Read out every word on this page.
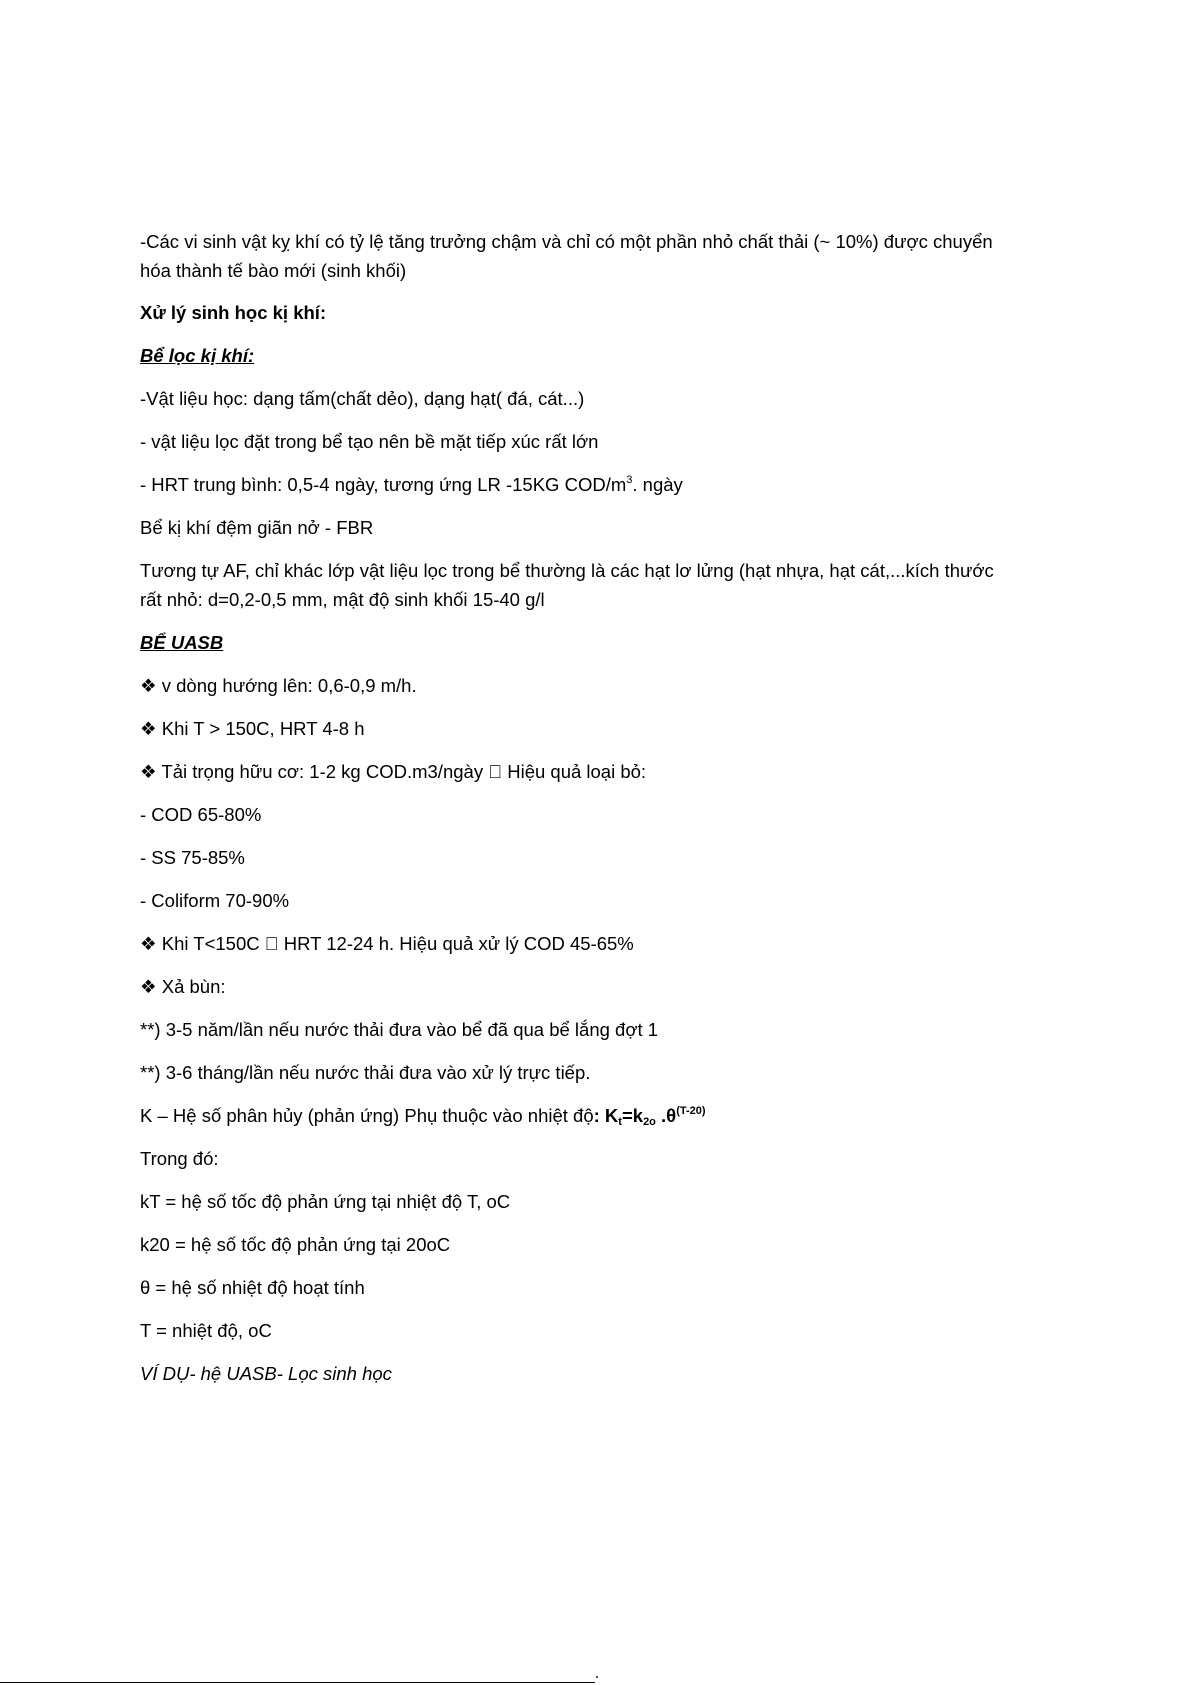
-Các vi sinh vật kỵ khí có tỷ lệ tăng trưởng chậm và chỉ có một phần nhỏ chất thải (~ 10%) được chuyển
hóa thành tế bào mới (sinh khối)
Xử lý sinh học kị khí:
Bể lọc kị khí:
-Vật liệu học: dạng tấm(chất dẻo), dạng hạt( đá, cát...)
- vật liệu lọc đặt trong bể tạo nên bề mặt tiếp xúc rất lớn
- HRT trung bình: 0,5-4 ngày, tương ứng LR -15KG COD/$m^3$. ngày
Bể kị khí đệm giãn nở - FBR
Tương tự AF, chỉ khác lớp vật liệu lọc trong bể thường là các hạt lơ lửng (hạt nhựa, hạt cát,...kích thước
rất nhỏ: d=0,2-0,5 mm, mật độ sinh khối 15-40 g/l
BỂ UASB
❖ v dòng hướng lên: 0,6-0,9 m/h.
❖ Khi T > 150C, HRT 4-8 h
❖ Tải trọng hữu cơ: 1-2 kg COD.m3/ngày   Hiệu quả loại bỏ:
- COD 65-80%
- SS 75-85%
- Coliform 70-90%
❖ Khi T<150C   HRT 12-24 h. Hiệu quả xử lý COD 45-65%
❖ Xả bùn:
**) 3-5 năm/lần nếu nước thải đưa vào bể đã qua bể lắng đợt 1
**) 3-6 tháng/lần nếu nước thải đưa vào xử lý trực tiếp.
K – Hệ số phân hủy (phản ứng) Phụ thuộc vào nhiệt độ: $K_t=k_{2o}$ $.\theta^{(T-20)}$
Trong đó:
kT = hệ số tốc độ phản ứng tại nhiệt độ T, oC
k20 = hệ số tốc độ phản ứng tại 20oC
θ = hệ số nhiệt độ hoạt tính
T = nhiệt độ, oC
VÍ DỤ- hệ UASB- Lọc sinh học
